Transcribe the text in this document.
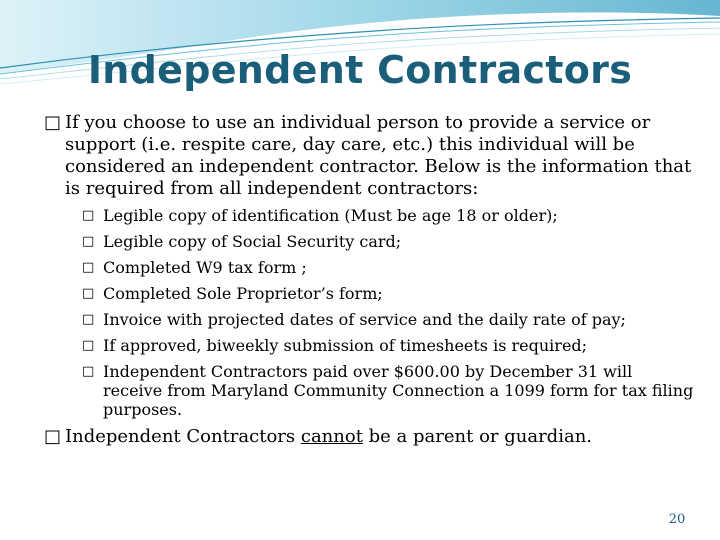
Independent Contractors
□ If you choose to use an individual person to provide a service or support (i.e. respite care, day care, etc.) this individual will be considered an independent contractor. Below is the information that is required from all independent contractors:
□ Legible copy of identification (Must be age 18 or older);
□ Legible copy of Social Security card;
□ Completed W9 tax form ;
□ Completed Sole Proprietor’s form;
□ Invoice with projected dates of service and the daily rate of pay;
□ If approved, biweekly submission of timesheets is required;
□ Independent Contractors paid over $600.00 by December 31 will receive from Maryland Community Connection a 1099 form for tax filing purposes.
□ Independent Contractors cannot be a parent or guardian.
20
